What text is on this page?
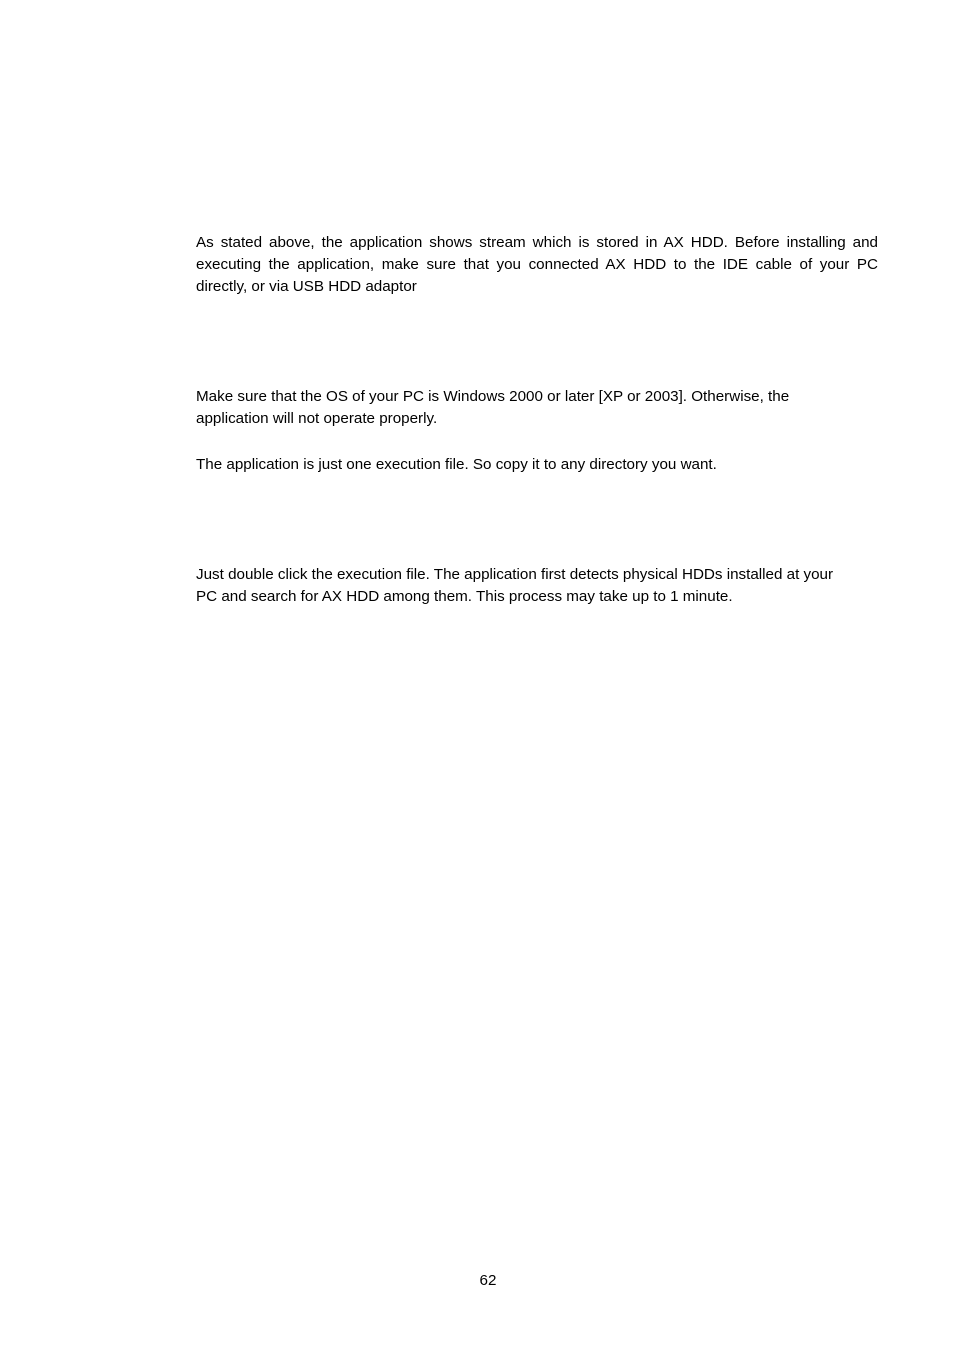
As stated above, the application shows stream which is stored in AX HDD. Before installing and executing the application, make sure that you connected AX HDD to the IDE cable of your PC directly, or via USB HDD adaptor

Make sure that the OS of your PC is Windows 2000 or later [XP or 2003]. Otherwise, the
application will not operate properly.

The application is just one execution file. So copy it to any directory you want.

Just double click the execution file. The application first detects physical HDDs installed at your
PC and search for AX HDD among them. This process may take up to 1 minute.
62
